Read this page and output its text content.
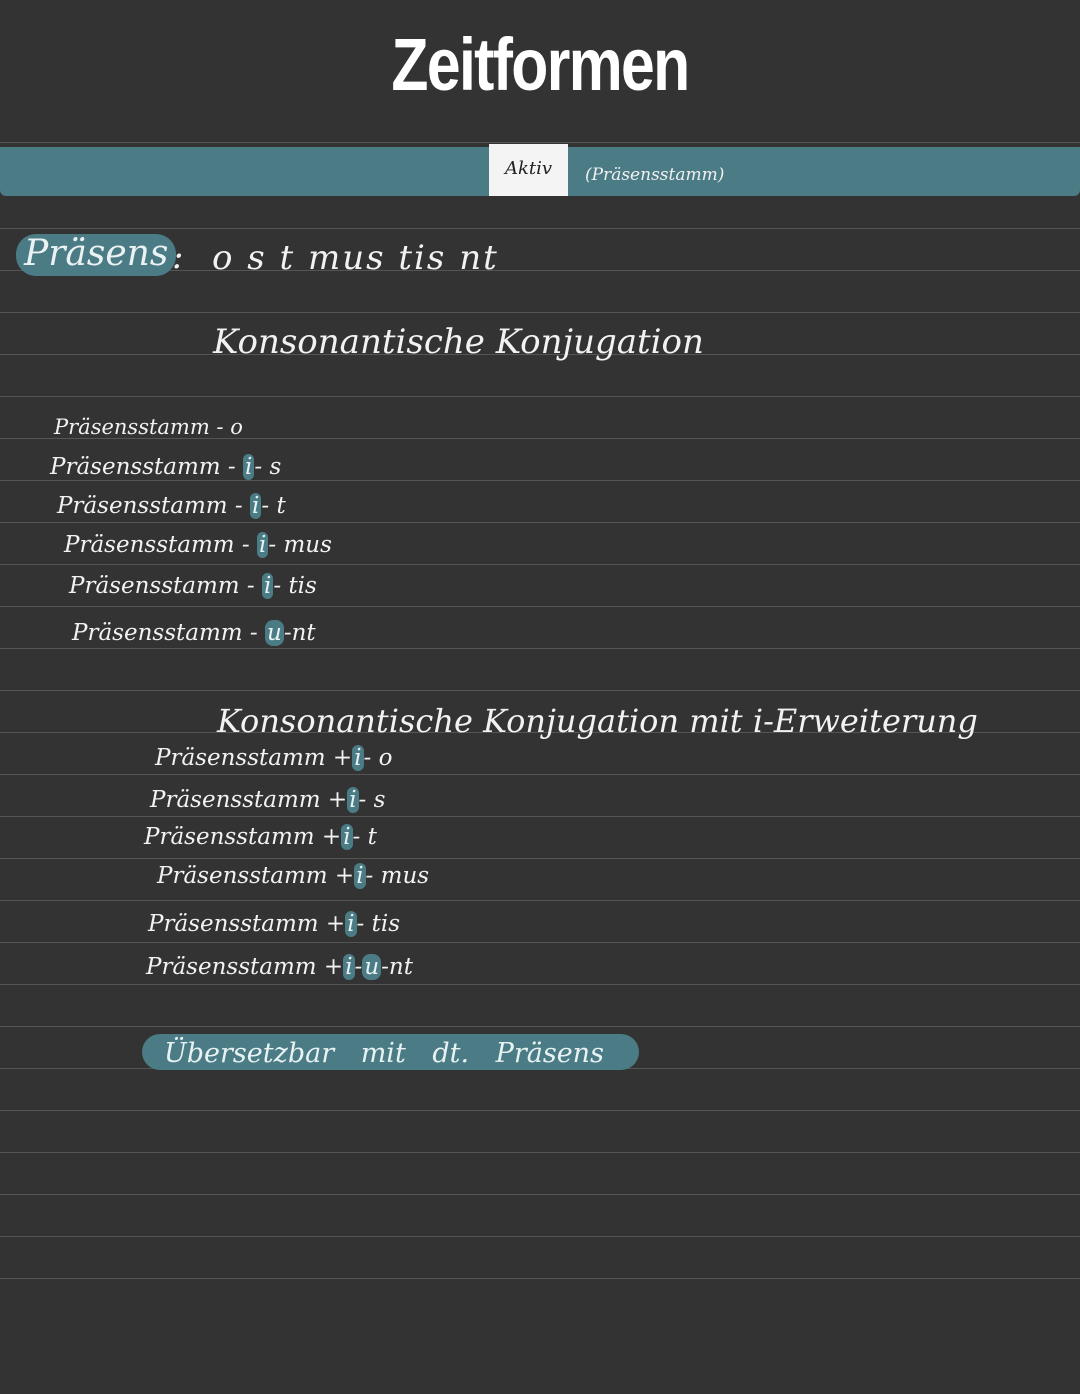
Zeitformen
Aktiv	(Präsensstamm)
Präsens : o s t mus tis nt
Konsonantische Konjugation
Präsensstamm - o
Präsensstamm - i- s
Präsensstamm - i- t
Präsensstamm - i- mus
Präsensstamm - i- tis
Präsensstamm - u-nt
Konsonantische Konjugation mit i-Erweiterung
Präsensstamm +i- o
Präsensstamm +i- s
Präsensstamm +i- t
Präsensstamm +i- mus
Präsensstamm +i- tis
Präsensstamm +i-u-nt
Übersetzbar mit dt. Präsens
